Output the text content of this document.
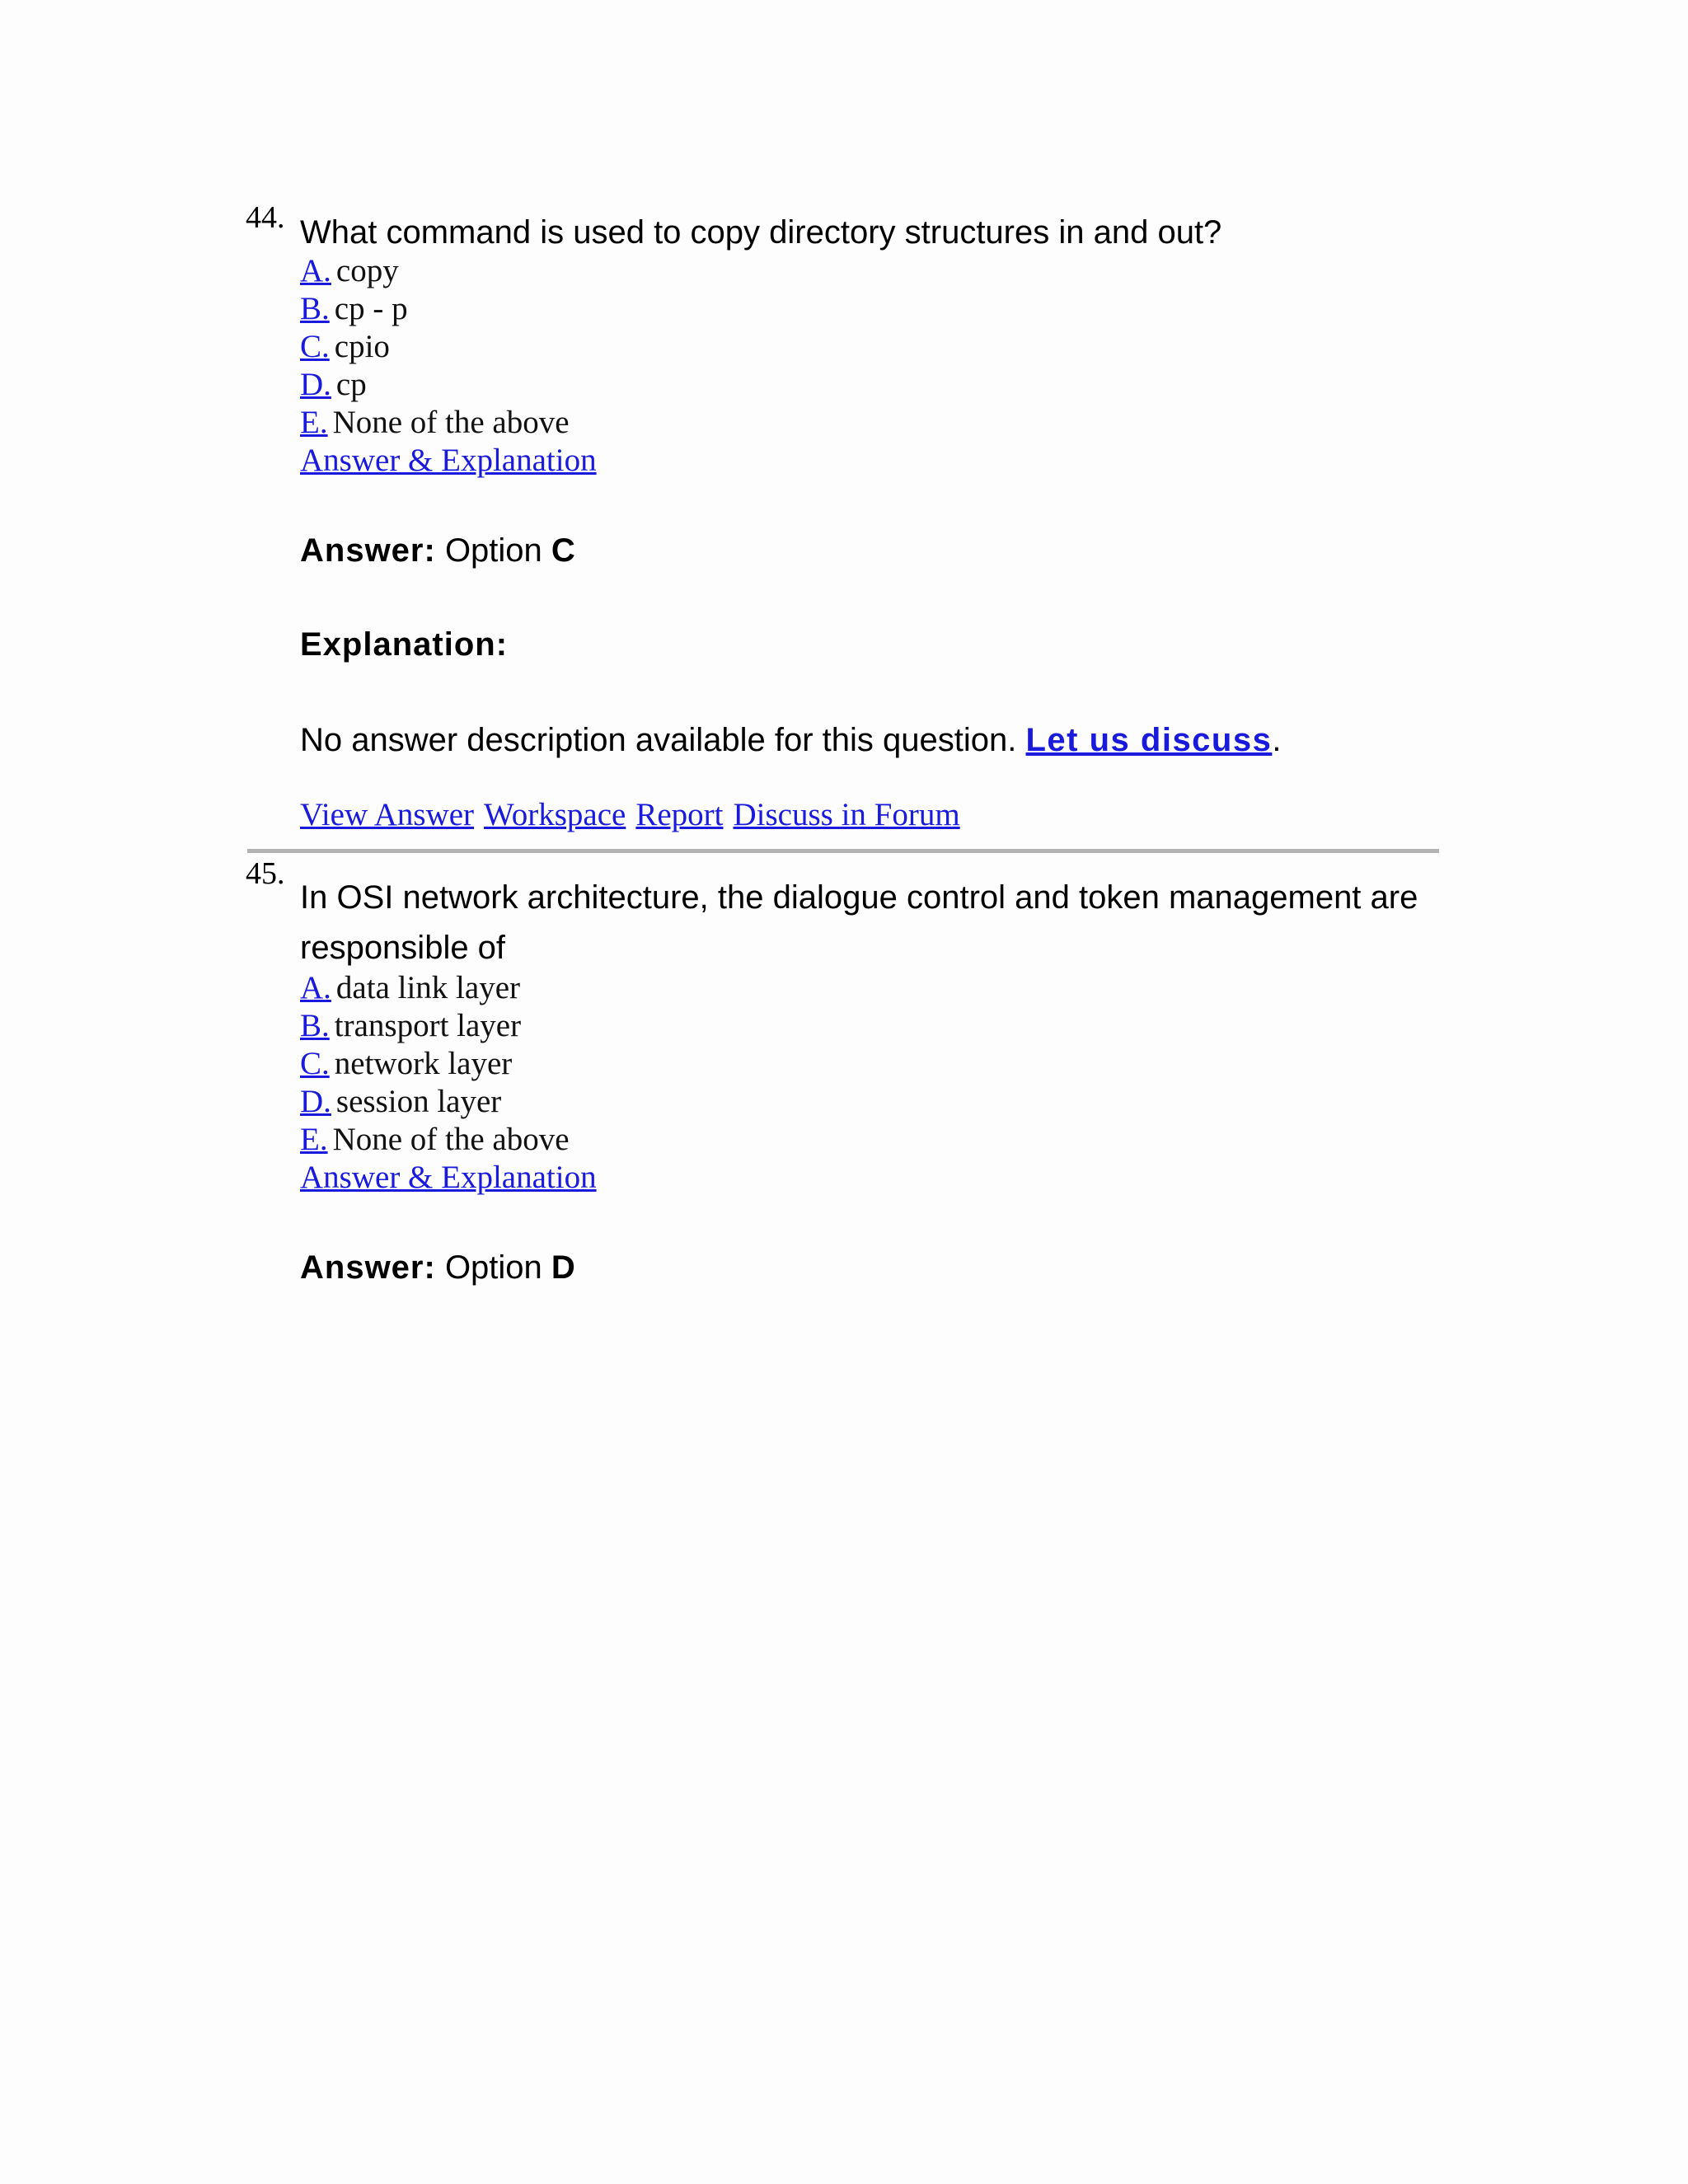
44. What command is used to copy directory structures in and out?

A. copy
B. cp - p
C. cpio
D. cp
E. None of the above
Answer & Explanation

Answer: Option C

Explanation:

No answer description available for this question. Let us discuss.

View Answer Workspace Report Discuss in Forum
45.

In OSI network architecture, the dialogue control and token management are

responsible of

A. data link layer
B. transport layer
C. network layer
D. session layer
E. None of the above
Answer & Explanation

Answer: Option D
